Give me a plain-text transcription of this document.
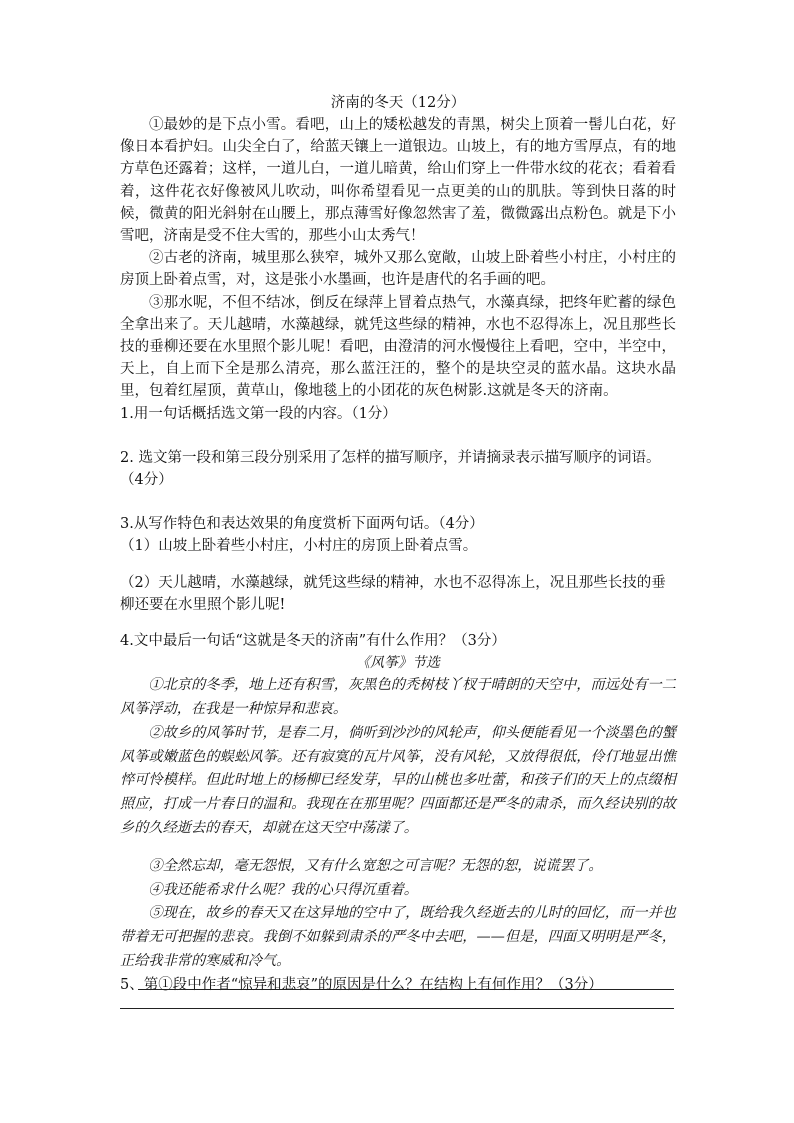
济南的冬天（12分）
①最妙的是下点小雪。看吧，山上的矮松越发的青黑，树尖上顶着一髻儿白花，好像日本看护妇。山尖全白了，给蓝天镶上一道银边。山坡上，有的地方雪厚点，有的地方草色还露着；这样，一道儿白，一道儿暗黄，给山们穿上一件带水纹的花衣；看着看着，这件花衣好像被风儿吹动，叫你希望看见一点更美的山的肌肤。等到快日落的时候，微黄的阳光斜射在山腰上，那点薄雪好像忽然害了羞，微微露出点粉色。就是下小雪吧，济南是受不住大雪的，那些小山太秀气！
②古老的济南，城里那么狭窄，城外又那么宽敞，山坡上卧着些小村庄，小村庄的房顶上卧着点雪，对，这是张小水墨画，也许是唐代的名手画的吧。
③那水呢，不但不结冰，倒反在绿萍上冒着点热气，水藻真绿，把终年贮蓄的绿色全拿出来了。天儿越晴，水藻越绿，就凭这些绿的精神，水也不忍得冻上，况且那些长技的垂柳还要在水里照个影儿呢！看吧，由澄清的河水慢慢往上看吧，空中，半空中，天上，自上而下全是那么清亮，那么蓝汪汪的，整个的是块空灵的蓝水晶。这块水晶里，包着红屋顶，黄草山，像地毯上的小团花的灰色树影.这就是冬天的济南。
1.用一句话概括选文第一段的内容。（1分）
2. 选文第一段和第三段分别采用了怎样的描写顺序，并请摘录表示描写顺序的词语。（4分）
3.从写作特色和表达效果的角度赏析下面两句话。（4分）
（1）山坡上卧着些小村庄，小村庄的房顶上卧着点雪。
（2）天儿越晴，水藻越绿，就凭这些绿的精神，水也不忍得冻上，况且那些长技的垂柳还要在水里照个影儿呢!
4.文中最后一句话“这就是冬天的济南”有什么作用？（3分）
《风筝》节选
①北京的冬季，地上还有积雪，灰黑色的秃树枝丫杈于晴朗的天空中，而远处有一二风筝浮动，在我是一种惊异和悲哀。
②故乡的风筝时节，是春二月，倘听到沙沙的风轮声，仰头便能看见一个淡墨色的蟹风筝或嫩蓝色的蜈蚣风筝。还有寂寞的瓦片风筝，没有风轮，又放得很低，伶仃地显出憔悴可怜模样。但此时地上的杨柳已经发芽，早的山桃也多吐蕾，和孩子们的天上的点缀相照应，打成一片春日的温和。我现在在那里呢？四面都还是严冬的肃杀，而久经诀别的故乡的久经逝去的春天，却就在这天空中荡漾了。
③全然忘却，毫无怨恨，又有什么宽恕之可言呢？无怨的恕，说谎罢了。
④我还能希求什么呢？我的心只得沉重着。
⑤现在，故乡的春天又在这异地的空中了，既给我久经逝去的儿时的回忆，而一并也带着无可把握的悲哀。我倒不如躲到肃杀的严冬中去吧，——但是，四面又明明是严冬，正给我非常的寒威和冷气。
5、第①段中作者“惊异和悲哀”的原因是什么？在结构上有何作用？（3分）
